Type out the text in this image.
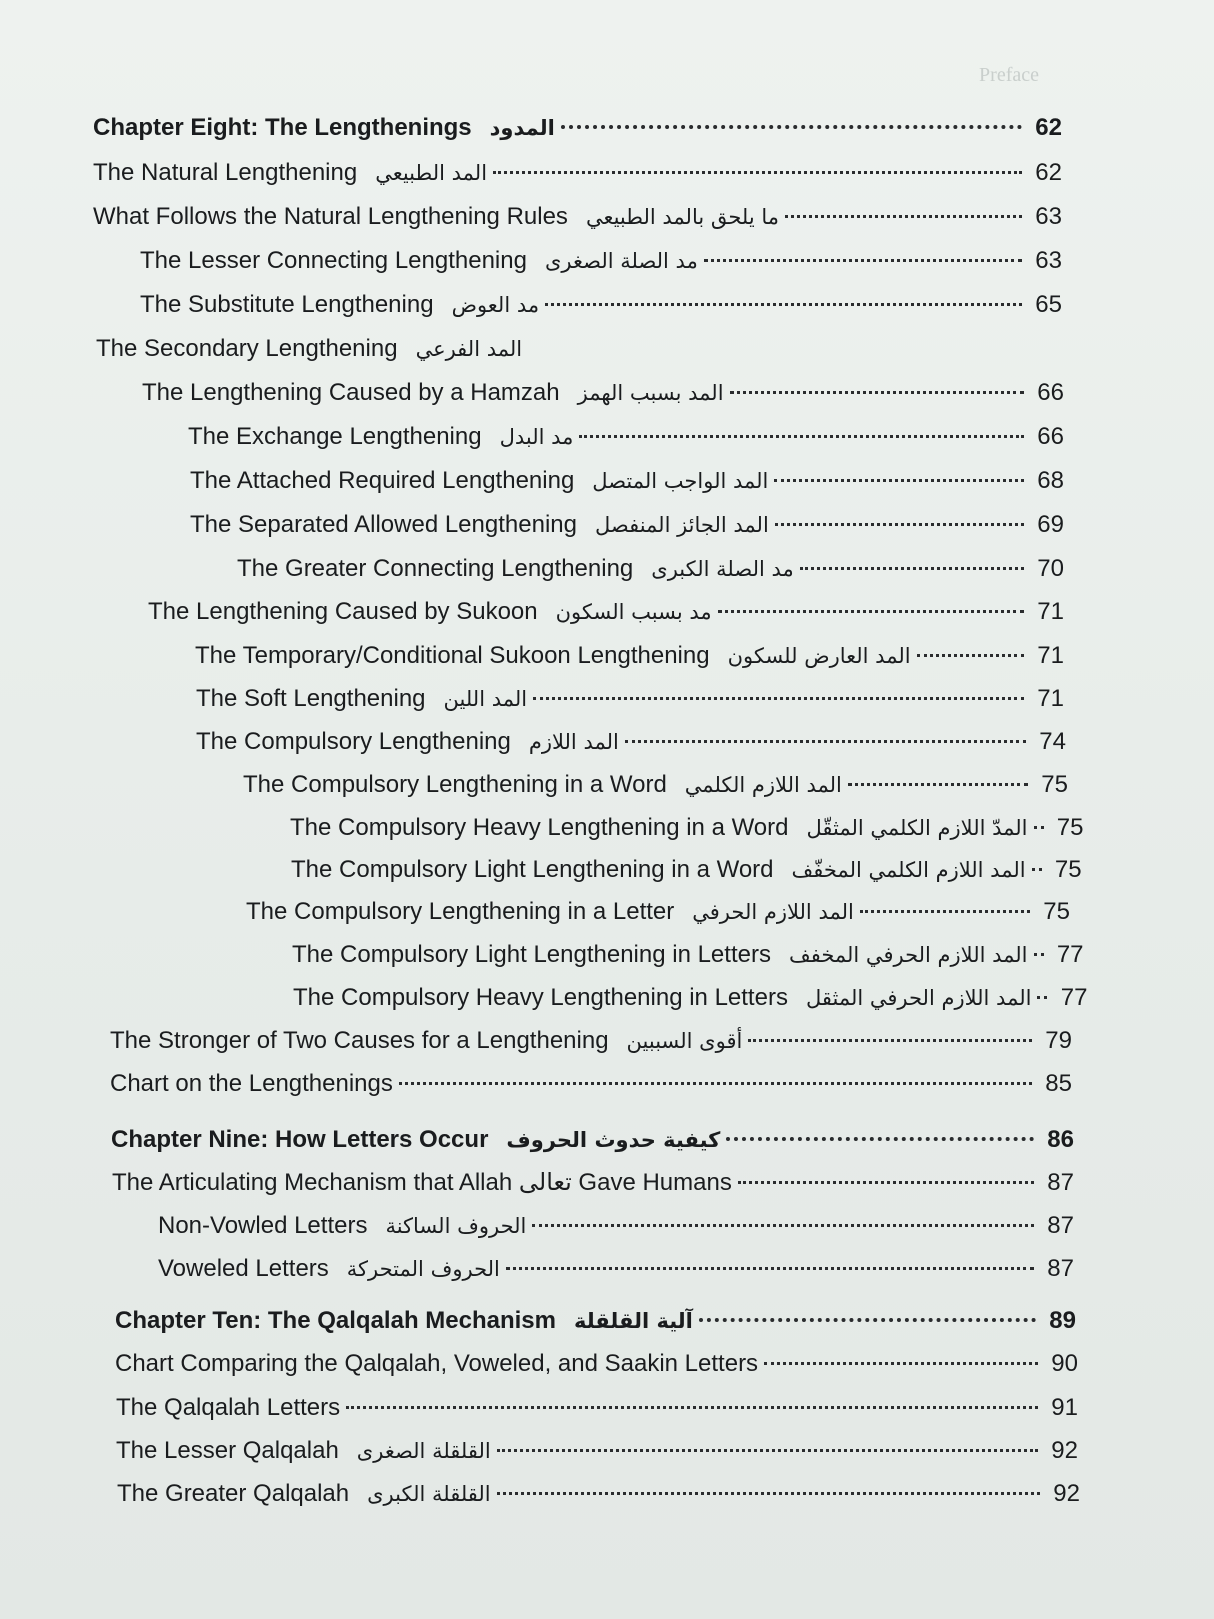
Preface
Chapter Eight: The Lengthenings المدود	62
The Natural Lengthening المد الطبيعي	62
What Follows the Natural Lengthening Rules ما يلحق بالمد الطبيعي	63
The Lesser Connecting Lengthening مد الصلة الصغرى	63
The Substitute Lengthening مد العوض	65
The Secondary Lengthening المد الفرعي
The Lengthening Caused by a Hamzah المد بسبب الهمز	66
The Exchange Lengthening مد البدل	66
The Attached Required Lengthening المد الواجب المتصل	68
The Separated Allowed Lengthening المد الجائز المنفصل	69
The Greater Connecting Lengthening مد الصلة الكبرى	70
The Lengthening Caused by Sukoon مد بسبب السكون	71
The Temporary/Conditional Sukoon Lengthening المد العارض للسكون	71
The Soft Lengthening المد اللين	71
The Compulsory Lengthening المد اللازم	74
The Compulsory Lengthening in a Word المد اللازم الكلمي	75
The Compulsory Heavy Lengthening in a Word المدّ اللازم الكلمي المثقّل	75
The Compulsory Light Lengthening in a Word المد اللازم الكلمي المخفّف	75
The Compulsory Lengthening in a Letter المد اللازم الحرفي	75
The Compulsory Light Lengthening in Letters المد اللازم الحرفي المخفف	77
The Compulsory Heavy Lengthening in Letters المد اللازم الحرفي المثقل	77
The Stronger of Two Causes for a Lengthening أقوى السببين	79
Chart on the Lengthenings	85
Chapter Nine: How Letters Occur كيفية حدوث الحروف	86
The Articulating Mechanism that Allah تعالى Gave Humans	87
Non-Vowled Letters الحروف الساكنة	87
Voweled Letters الحروف المتحركة	87
Chapter Ten: The Qalqalah Mechanism آلية القلقلة	89
Chart Comparing the Qalqalah, Voweled, and Saakin Letters	90
The Qalqalah Letters	91
The Lesser Qalqalah القلقلة الصغرى	92
The Greater Qalqalah القلقلة الكبرى	92
